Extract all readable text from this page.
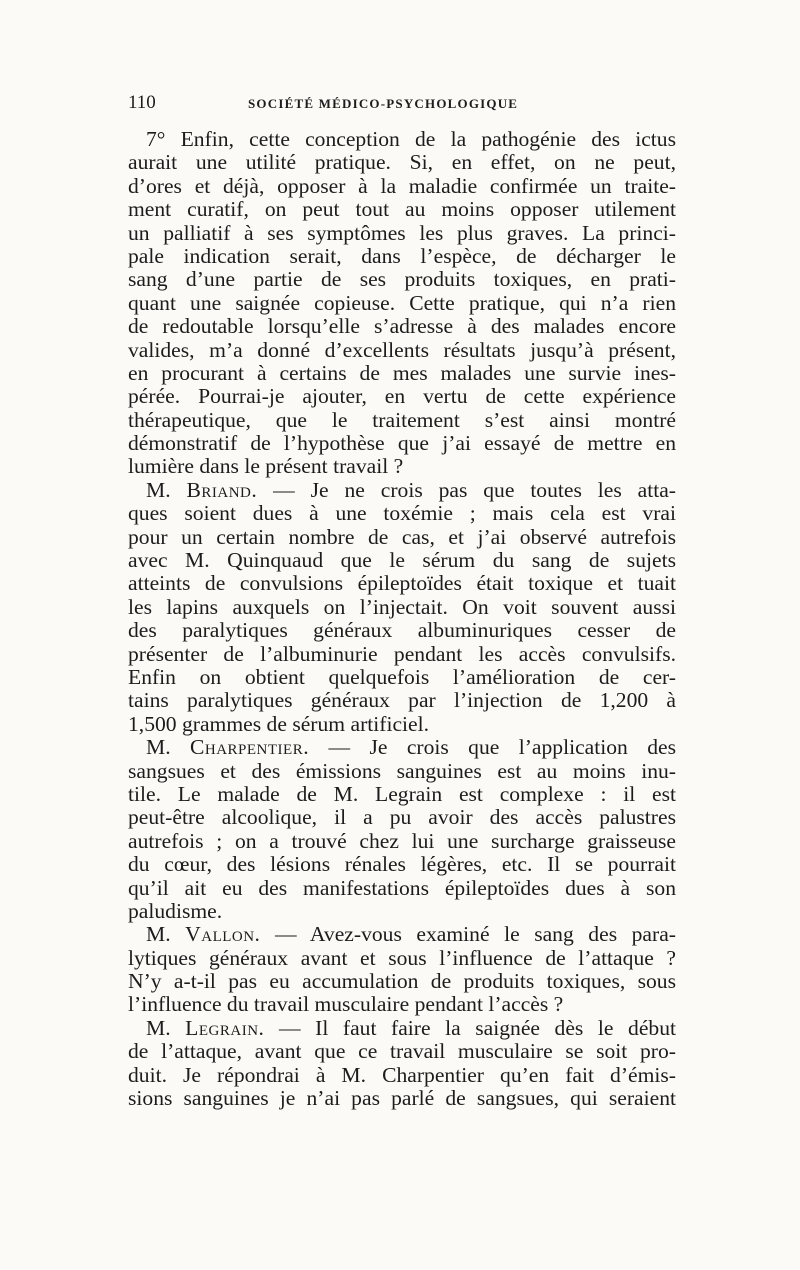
110	SOCIÉTÉ MÉDICO-PSYCHOLOGIQUE
7° Enfin, cette conception de la pathogénie des ictus
aurait une utilité pratique. Si, en effet, on ne peut,
d’ores et déjà, opposer à la maladie confirmée un traite-
ment curatif, on peut tout au moins opposer utilement
un palliatif à ses symptômes les plus graves. La princi-
pale indication serait, dans l’espèce, de décharger le
sang d’une partie de ses produits toxiques, en prati-
quant une saignée copieuse. Cette pratique, qui n’a rien
de redoutable lorsqu’elle s’adresse à des malades encore
valides, m’a donné d’excellents résultats jusqu’à présent,
en procurant à certains de mes malades une survie ines-
pérée. Pourrai-je ajouter, en vertu de cette expérience
thérapeutique, que le traitement s’est ainsi montré
démonstratif de l’hypothèse que j’ai essayé de mettre en
lumière dans le présent travail ?
M. Briand. — Je ne crois pas que toutes les atta-
ques soient dues à une toxémie ; mais cela est vrai
pour un certain nombre de cas, et j’ai observé autrefois
avec M. Quinquaud que le sérum du sang de sujets
atteints de convulsions épileptoïdes était toxique et tuait
les lapins auxquels on l’injectait. On voit souvent aussi
des paralytiques généraux albuminuriques cesser de
présenter de l’albuminurie pendant les accès convulsifs.
Enfin on obtient quelquefois l’amélioration de cer-
tains paralytiques généraux par l’injection de 1,200 à
1,500 grammes de sérum artificiel.
M. Charpentier. — Je crois que l’application des
sangsues et des émissions sanguines est au moins inu-
tile. Le malade de M. Legrain est complexe : il est
peut-être alcoolique, il a pu avoir des accès palustres
autrefois ; on a trouvé chez lui une surcharge graisseuse
du cœur, des lésions rénales légères, etc. Il se pourrait
qu’il ait eu des manifestations épileptoïdes dues à son
paludisme.
M. Vallon. — Avez-vous examiné le sang des para-
lytiques généraux avant et sous l’influence de l’attaque ?
N’y a-t-il pas eu accumulation de produits toxiques, sous
l’influence du travail musculaire pendant l’accès ?
M. Legrain. — Il faut faire la saignée dès le début
de l’attaque, avant que ce travail musculaire se soit pro-
duit. Je répondrai à M. Charpentier qu’en fait d’émis-
sions sanguines je n’ai pas parlé de sangsues, qui seraient
